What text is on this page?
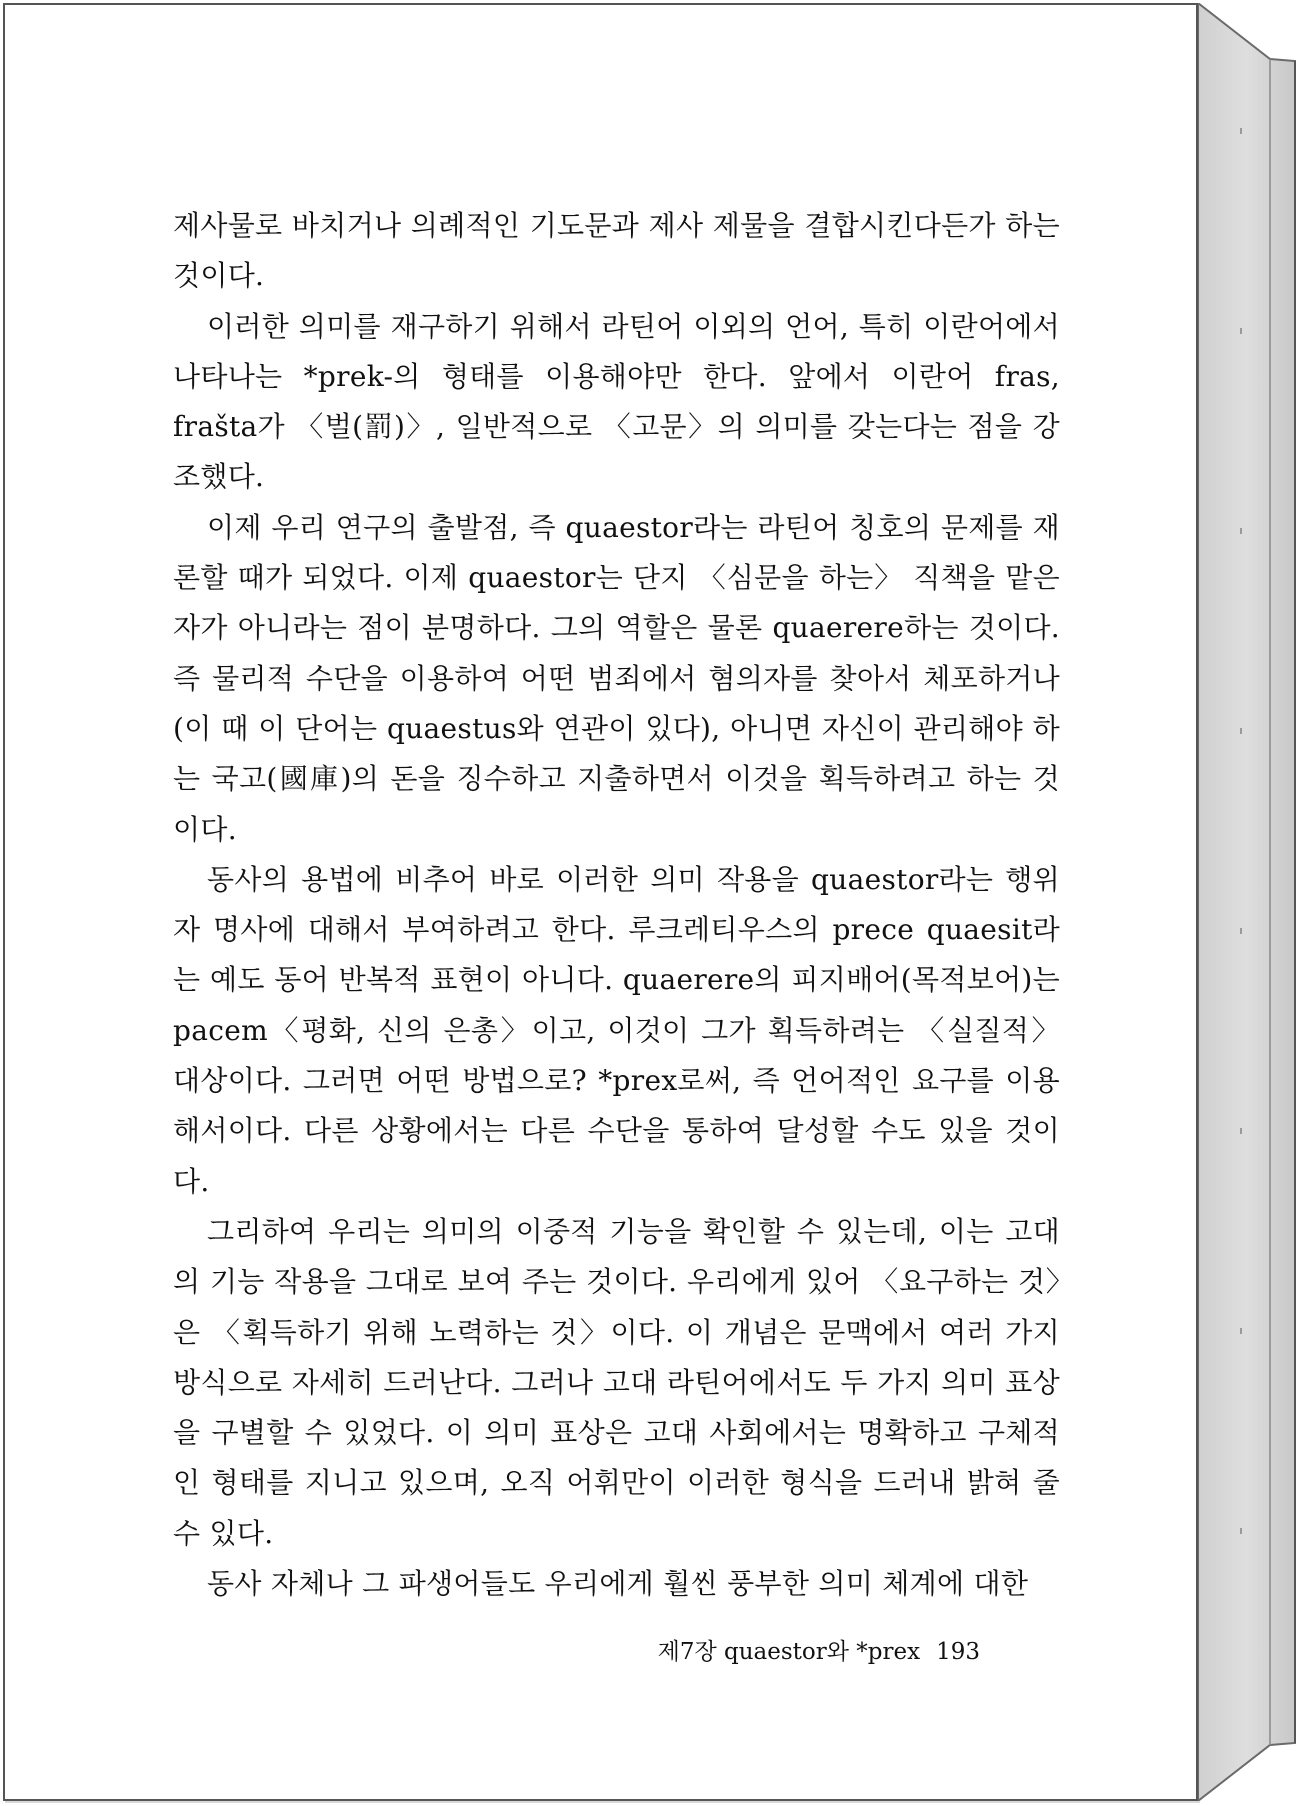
제사물로 바치거나 의례적인 기도문과 제사 제물을 결합시킨다든가 하는 것이다.

이러한 의미를 재구하기 위해서 라틴어 이외의 언어, 특히 이란어에서 나타나는 *prek-의 형태를 이용해야만 한다. 앞에서 이란어 fras, frašta가 〈벌(罰)〉, 일반적으로 〈고문〉의 의미를 갖는다는 점을 강조했다.

이제 우리 연구의 출발점, 즉 quaestor라는 라틴어 칭호의 문제를 재론할 때가 되었다. 이제 quaestor는 단지 〈심문을 하는〉 직책을 맡은 자가 아니라는 점이 분명하다. 그의 역할은 물론 quaerere하는 것이다. 즉 물리적 수단을 이용하여 어떤 범죄에서 혐의자를 찾아서 체포하거나(이 때 이 단어는 quaestus와 연관이 있다), 아니면 자신이 관리해야 하는 국고(國庫)의 돈을 징수하고 지출하면서 이것을 획득하려고 하는 것이다.

동사의 용법에 비추어 바로 이러한 의미 작용을 quaestor라는 행위자 명사에 대해서 부여하려고 한다. 루크레티우스의 prece quaesit라는 예도 동어 반복적 표현이 아니다. quaerere의 피지배어(목적보어)는 pacem〈평화, 신의 은총〉이고, 이것이 그가 획득하려는 〈실질적〉 대상이다. 그러면 어떤 방법으로? *prex로써, 즉 언어적인 요구를 이용해서이다. 다른 상황에서는 다른 수단을 통하여 달성할 수도 있을 것이다.

그리하여 우리는 의미의 이중적 기능을 확인할 수 있는데, 이는 고대의 기능 작용을 그대로 보여 주는 것이다. 우리에게 있어 〈요구하는 것〉은 〈획득하기 위해 노력하는 것〉이다. 이 개념은 문맥에서 여러 가지 방식으로 자세히 드러난다. 그러나 고대 라틴어에서도 두 가지 의미 표상을 구별할 수 있었다. 이 의미 표상은 고대 사회에서는 명확하고 구체적인 형태를 지니고 있으며, 오직 어휘만이 이러한 형식을 드러내 밝혀 줄 수 있다.

동사 자체나 그 파생어들도 우리에게 훨씬 풍부한 의미 체계에 대한

제7장 quaestor와 *prex 193
